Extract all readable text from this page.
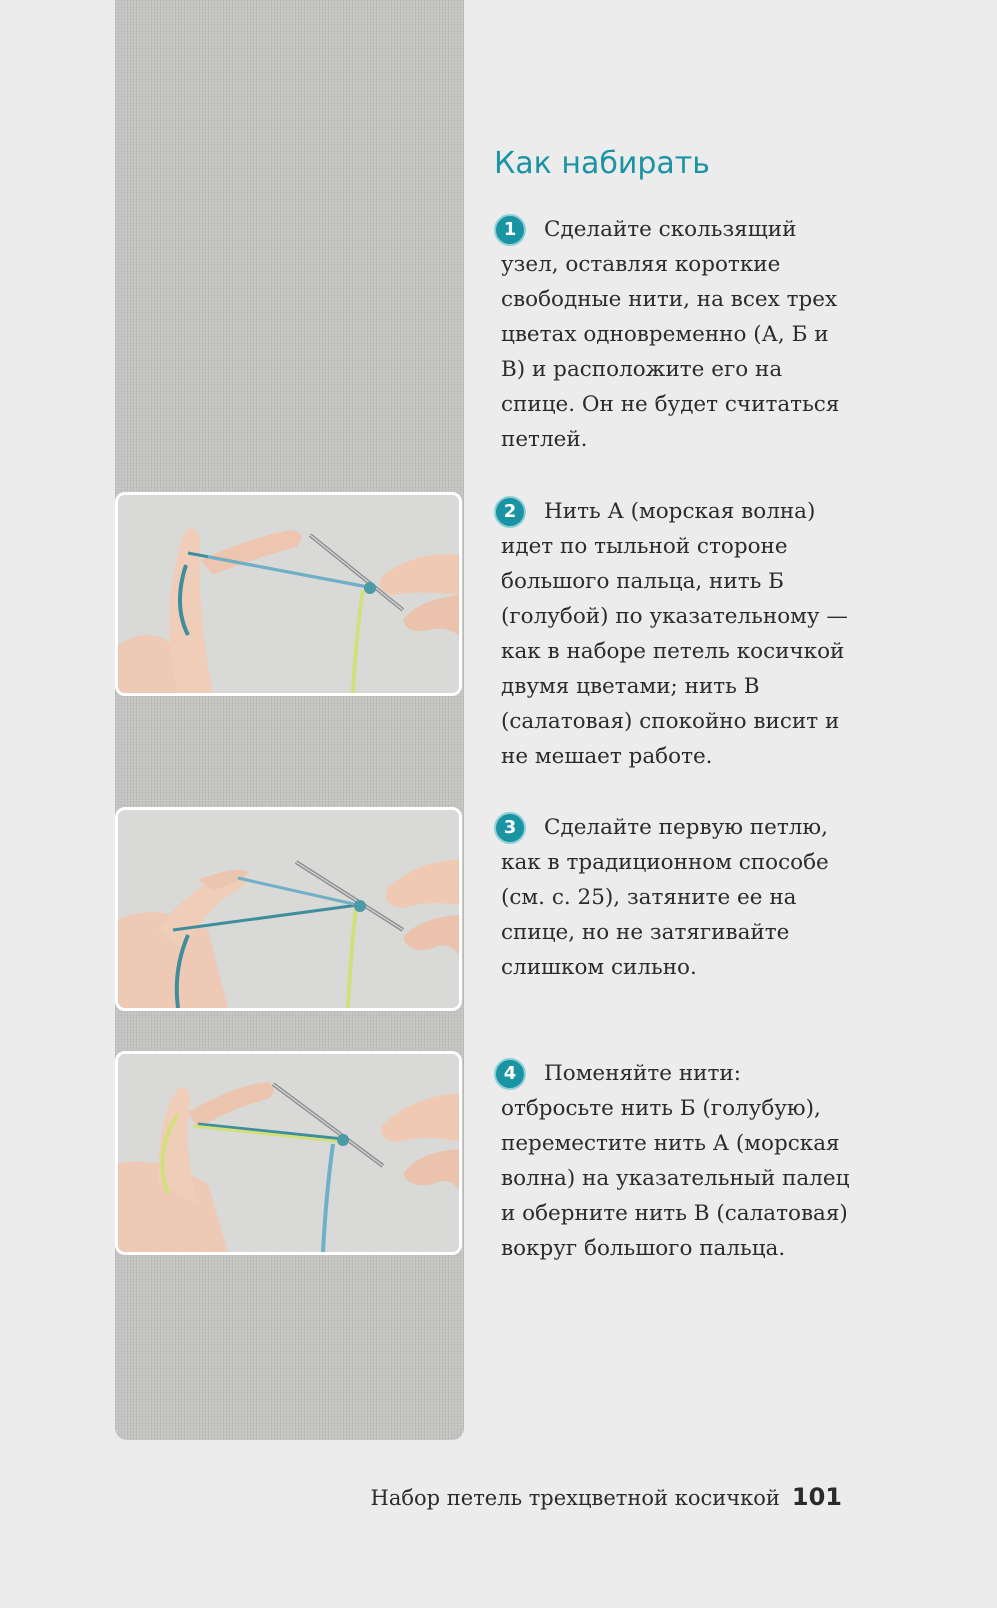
Как набирать

1 Сделайте скользящий узел, оставляя короткие свободные нити, на всех трех цветах одновременно (А, Б и В) и расположите его на спице. Он не будет считаться петлей.

2 Нить А (морская волна) идет по тыльной стороне большого пальца, нить Б (голубой) по указательному — как в наборе петель косичкой двумя цветами; нить В (салатовая) спокойно висит и не мешает работе.

3 Сделайте первую петлю, как в традиционном способе (см. с. 25), затяните ее на спице, но не затягивайте слишком сильно.

4 Поменяйте нити: отбросьте нить Б (голубую), переместите нить А (морская волна) на указательный палец и оберните нить В (салатовая) вокруг большого пальца.

Набор петель трехцветной косичкой 101
